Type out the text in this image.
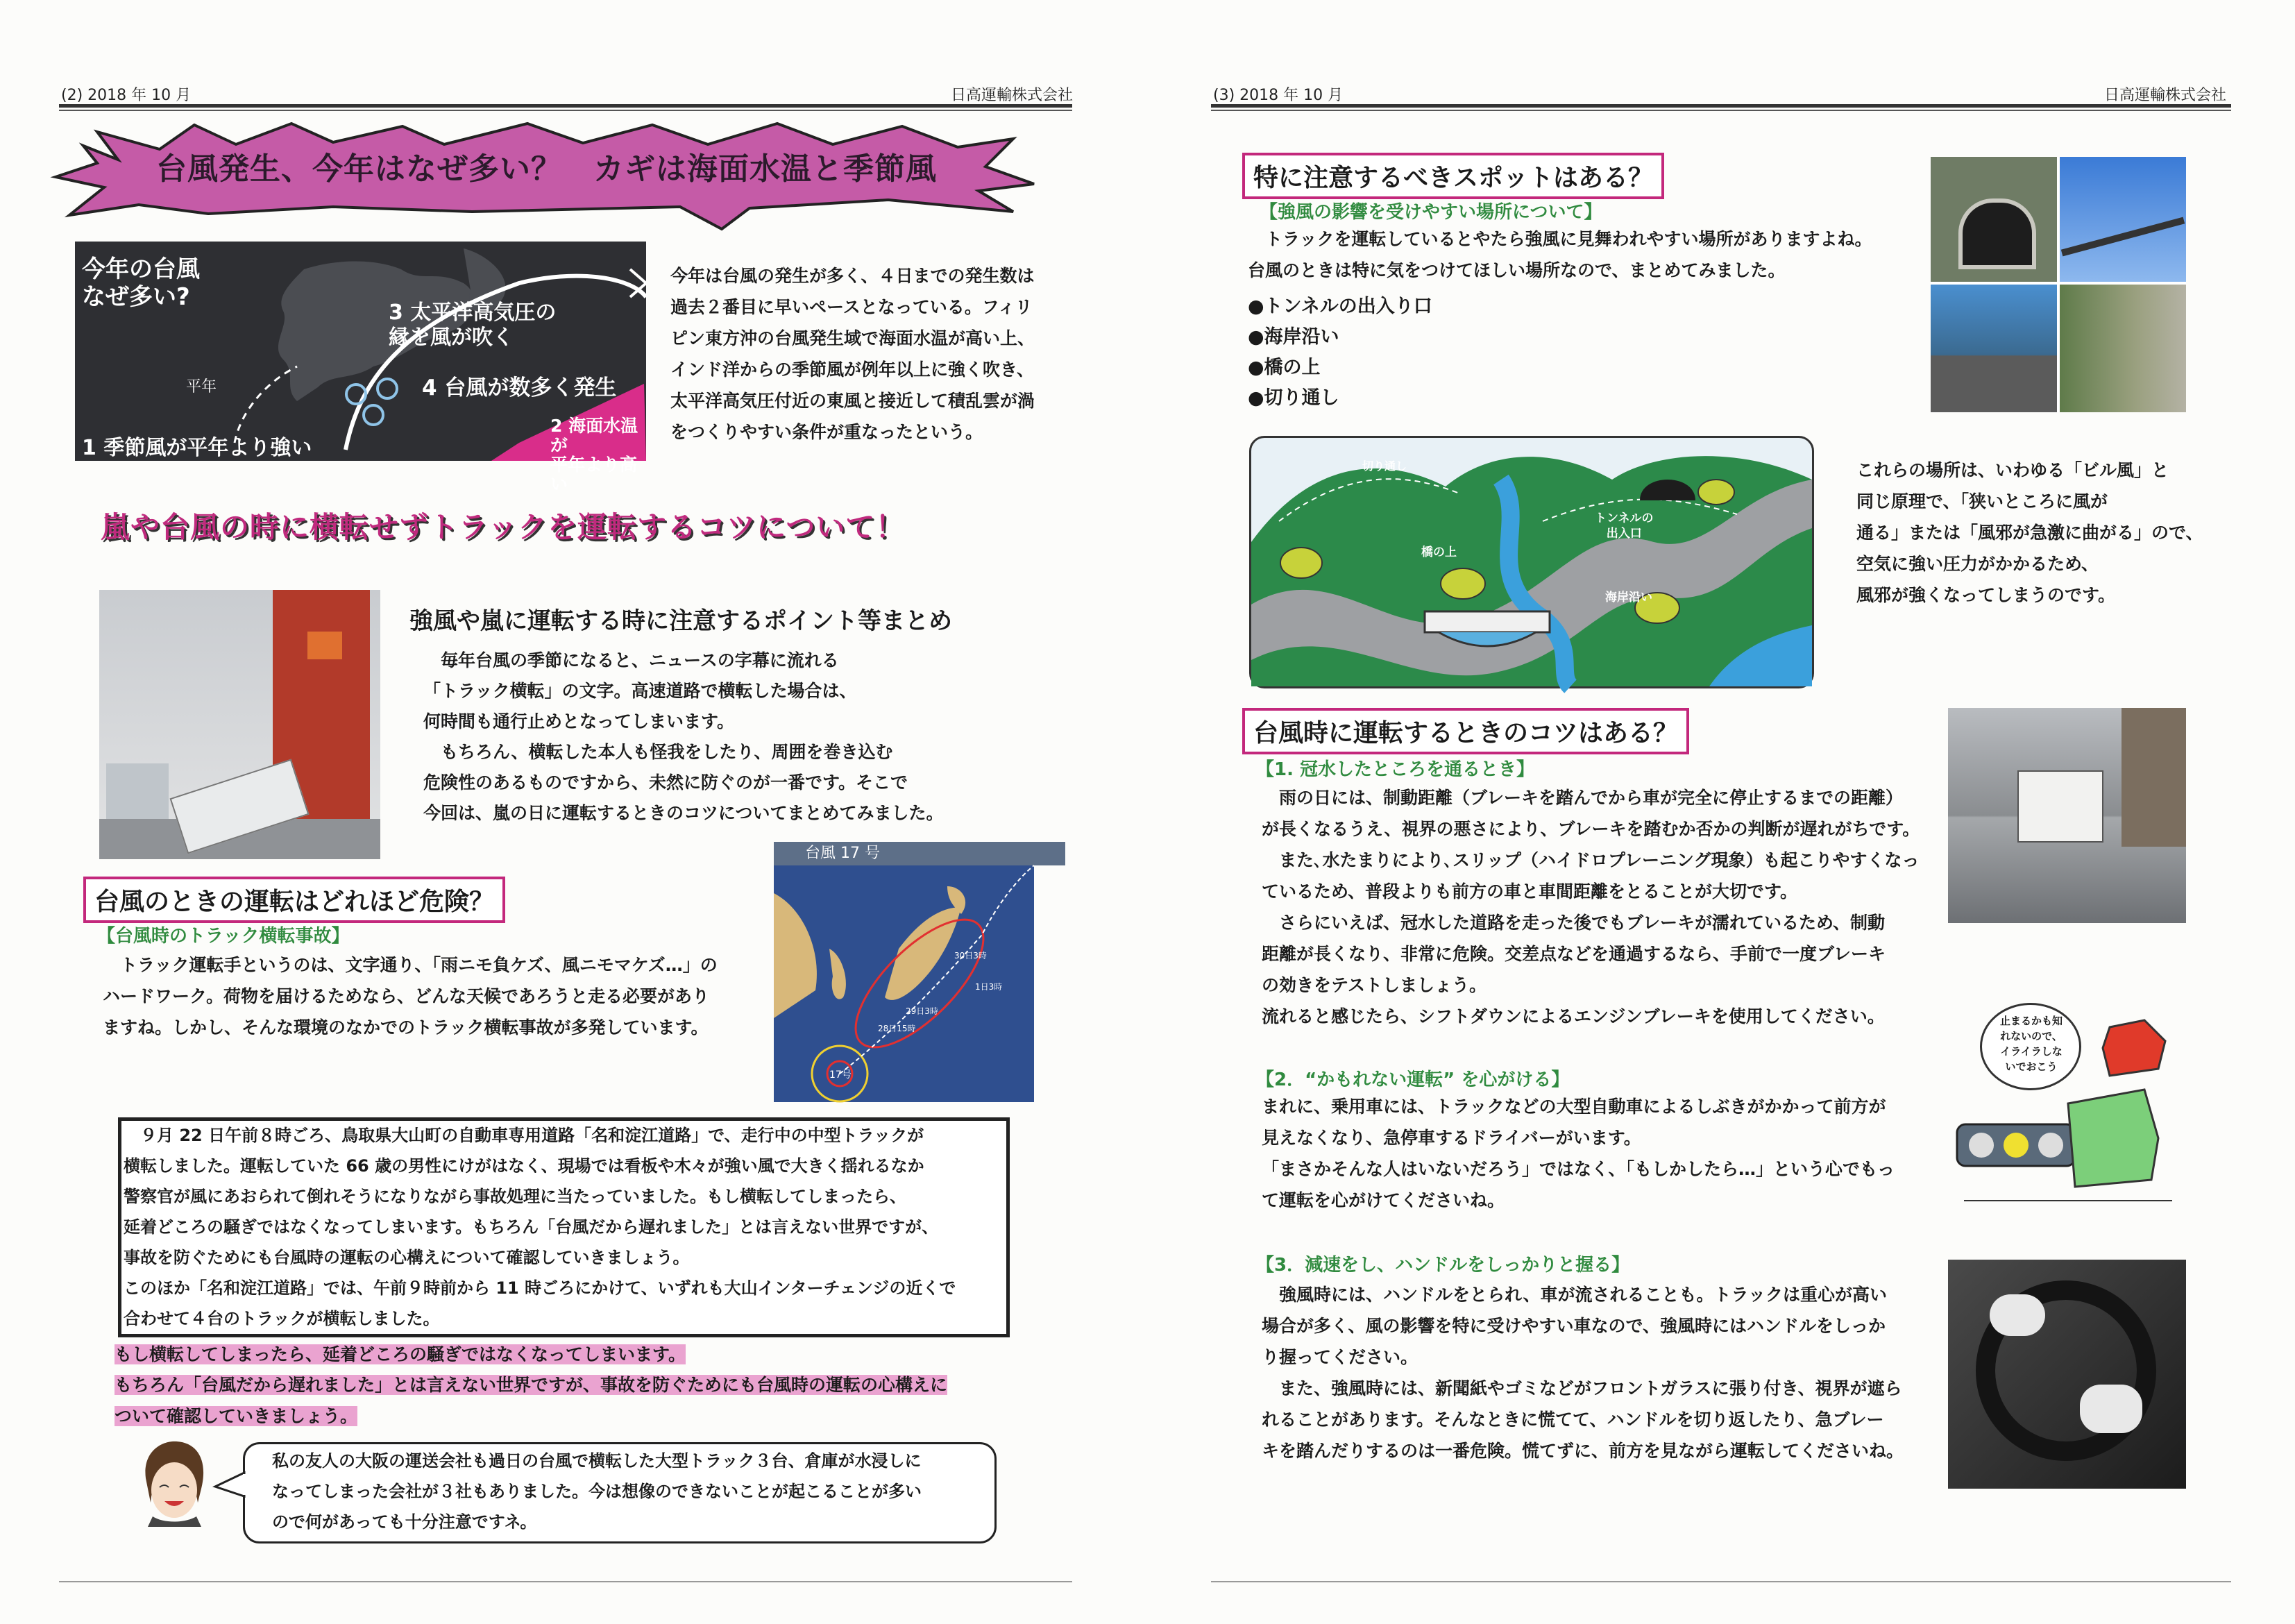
(2) 2018 年 10 月	日高運輸株式会社
台風発生、今年はなぜ多い？　カギは海面水温と季節風
今年の台風
なぜ多い?
3 太平洋高気圧の
縁を風が吹く
4 台風が数多く発生
平年
1 季節風が平年より強い
2 海面水温が
平年より高い
今年は台風の発生が多く、４日までの発生数は
過去２番目に早いペースとなっている。フィリ
ピン東方沖の台風発生域で海面水温が高い上、
インド洋からの季節風が例年以上に強く吹き、
太平洋高気圧付近の東風と接近して積乱雲が渦
をつくりやすい条件が重なったという。
嵐や台風の時に横転せずトラックを運転するコツについて！
強風や嵐に運転する時に注意するポイント等まとめ
　毎年台風の季節になると、ニュースの字幕に流れる
「トラック横転」の文字。高速道路で横転した場合は、
何時間も通行止めとなってしまいます。
　もちろん、横転した本人も怪我をしたり、周囲を巻き込む
危険性のあるものですから、未然に防ぐのが一番です。そこで
今回は、嵐の日に運転するときのコツについてまとめてみました。
台風 17 号
29日3時
30日3時
28日15時
17号
1日3時
台風のときの運転はどれほど危険？
【台風時のトラック横転事故】
　トラック運転手というのは、文字通り、「雨ニモ負ケズ、風ニモマケズ…」の
ハードワーク。荷物を届けるためなら、どんな天候であろうと走る必要があり
ますね。しかし、そんな環境のなかでのトラック横転事故が多発しています。
　９月 22 日午前８時ごろ、鳥取県大山町の自動車専用道路「名和淀江道路」で、走行中の中型トラックが
横転しました。運転していた 66 歳の男性にけがはなく、現場では看板や木々が強い風で大きく揺れるなか
警察官が風にあおられて倒れそうになりながら事故処理に当たっていました。もし横転してしまったら、
延着どころの騒ぎではなくなってしまいます。もちろん「台風だから遅れました」とは言えない世界ですが、
事故を防ぐためにも台風時の運転の心構えについて確認していきましょう。
このほか「名和淀江道路」では、午前９時前から 11 時ごろにかけて、いずれも大山インターチェンジの近くで
合わせて４台のトラックが横転しました。
もし横転してしまったら、延着どころの騒ぎではなくなってしまいます。
もちろん「台風だから遅れました」とは言えない世界ですが、事故を防ぐためにも台風時の運転の心構えに
ついて確認していきましょう。
私の友人の大阪の運送会社も過日の台風で横転した大型トラック３台、倉庫が水浸しに
なってしまった会社が３社もありました。今は想像のできないことが起こることが多い
ので何があっても十分注意ですネ。
(3) 2018 年 10 月	日高運輸株式会社
特に注意するべきスポットはある？
【強風の影響を受けやすい場所について】
　トラックを運転しているとやたら強風に見舞われやすい場所がありますよね。
台風のときは特に気をつけてほしい場所なので、まとめてみました。
●トンネルの出入り口
●海岸沿い
●橋の上
●切り通し
切り通し
橋の上
トンネルの
出入口
海岸沿い
これらの場所は、いわゆる「ビル風」と
同じ原理で、「狭いところに風が
通る」または「風邪が急激に曲がる」ので、
空気に強い圧力がかかるため、
風邪が強くなってしまうのです。
台風時に運転するときのコツはある？
【1. 冠水したところを通るとき】
　雨の日には、制動距離（ブレーキを踏んでから車が完全に停止するまでの距離）
が長くなるうえ、視界の悪さにより、ブレーキを踏むか否かの判断が遅れがちです。
　また､水たまりにより､スリップ（ハイドロプレーニング現象）も起こりやすくなっ
ているため、普段よりも前方の車と車間距離をとることが大切です。
　さらにいえば、冠水した道路を走った後でもブレーキが濡れているため、制動
距離が長くなり、非常に危険。交差点などを通過するなら、手前で一度ブレーキ
の効きをテストしましょう。
流れると感じたら、シフトダウンによるエンジンブレーキを使用してください。
【2．“かもれない運転” を心がける】
まれに、乗用車には、トラックなどの大型自動車によるしぶきがかかって前方が
見えなくなり、急停車するドライバーがいます。
「まさかそんな人はいないだろう」ではなく、「もしかしたら…」という心でもっ
て運転を心がけてくださいね。
止まるかも知
れないので、
イライラしな
いでおこう
【3．減速をし、ハンドルをしっかりと握る】
　強風時には、ハンドルをとられ、車が流されることも。トラックは重心が高い
場合が多く、風の影響を特に受けやすい車なので、強風時にはハンドルをしっか
り握ってください。
　また、強風時には、新聞紙やゴミなどがフロントガラスに張り付き、視界が遮ら
れることがあります。そんなときに慌てて、ハンドルを切り返したり、急ブレー
キを踏んだりするのは一番危険。慌てずに、前方を見ながら運転してくださいね。
